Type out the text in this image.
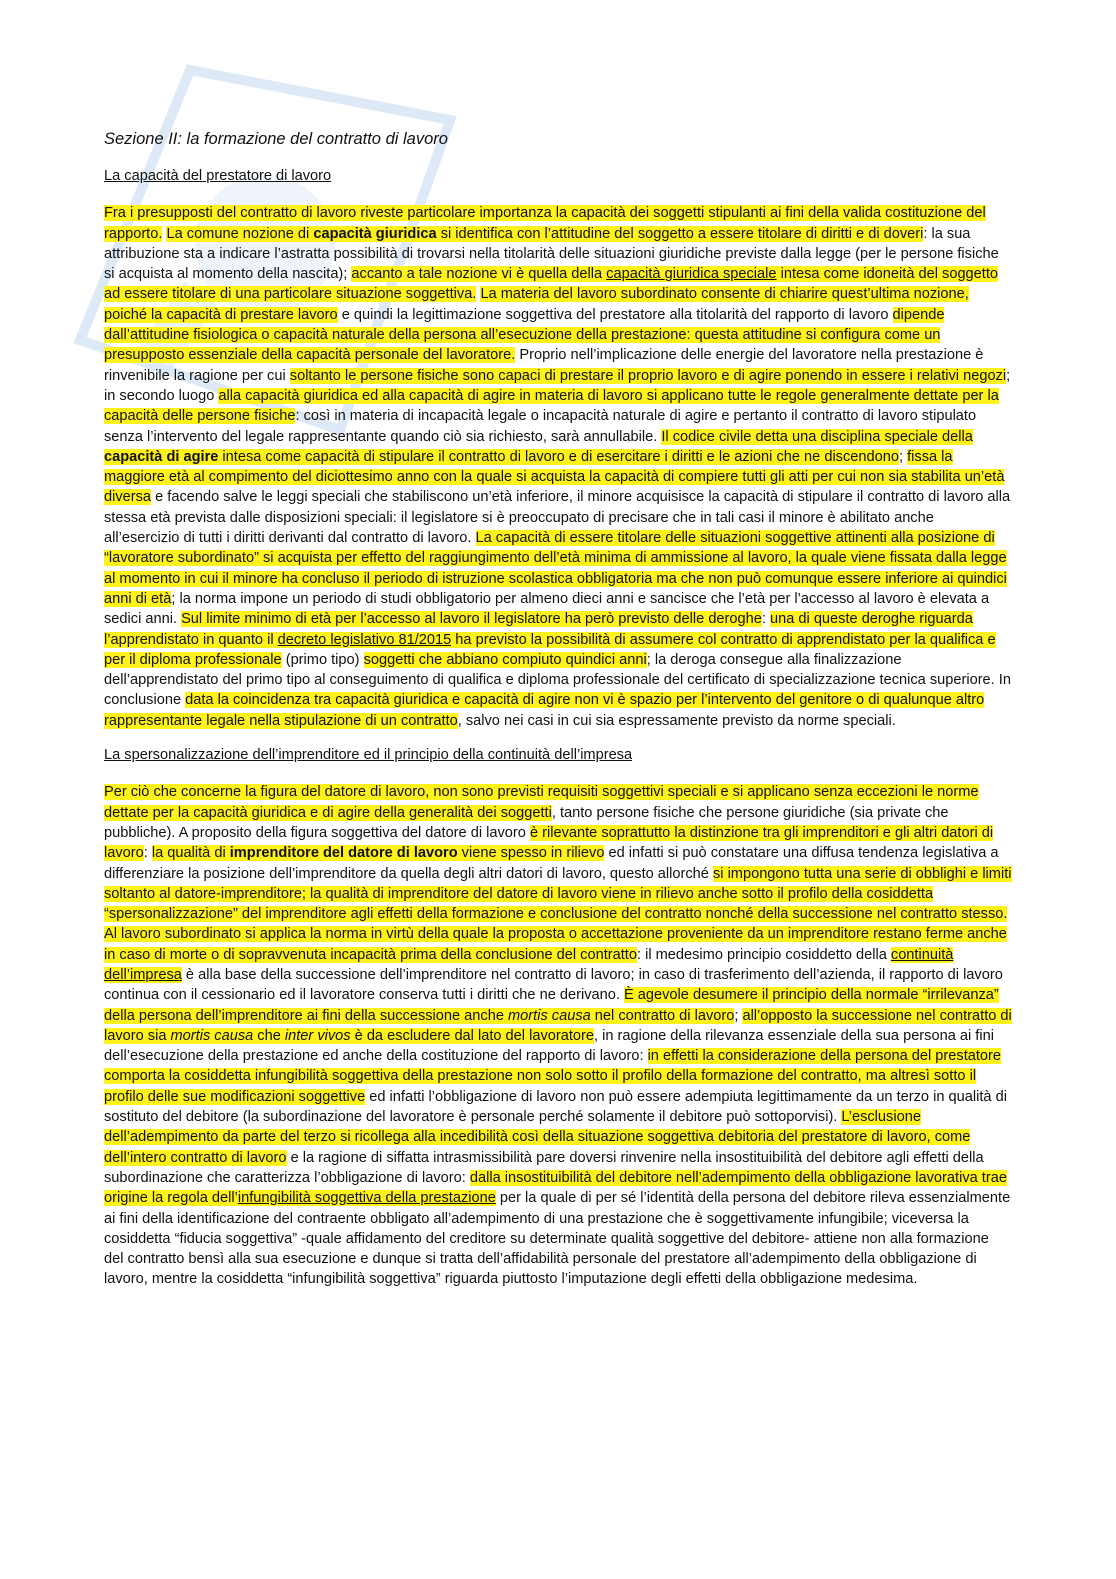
Sezione II: la formazione del contratto di lavoro
La capacità del prestatore di lavoro

Fra i presupposti del contratto di lavoro riveste particolare importanza la capacità dei soggetti stipulanti ai fini della valida costituzione del rapporto. La comune nozione di capacità giuridica si identifica con l’attitudine del soggetto a essere titolare di diritti e di doveri: la sua attribuzione sta a indicare l’astratta possibilità di trovarsi nella titolarità delle situazioni giuridiche previste dalla legge (per le persone fisiche si acquista al momento della nascita); accanto a tale nozione vi è quella della capacità giuridica speciale intesa come idoneità del soggetto ad essere titolare di una particolare situazione soggettiva. La materia del lavoro subordinato consente di chiarire quest’ultima nozione, poiché la capacità di prestare lavoro e quindi la legittimazione soggettiva del prestatore alla titolarità del rapporto di lavoro dipende dall’attitudine fisiologica o capacità naturale della persona all’esecuzione della prestazione: questa attitudine si configura come un presupposto essenziale della capacità personale del lavoratore. Proprio nell’implicazione delle energie del lavoratore nella prestazione è rinvenibile la ragione per cui soltanto le persone fisiche sono capaci di prestare il proprio lavoro e di agire ponendo in essere i relativi negozi; in secondo luogo alla capacità giuridica ed alla capacità di agire in materia di lavoro si applicano tutte le regole generalmente dettate per la capacità delle persone fisiche: così in materia di incapacità legale o incapacità naturale di agire e pertanto il contratto di lavoro stipulato senza l’intervento del legale rappresentante quando ciò sia richiesto, sarà annullabile. Il codice civile detta una disciplina speciale della capacità di agire intesa come capacità di stipulare il contratto di lavoro e di esercitare i diritti e le azioni che ne discendono; fissa la maggiore età al compimento del diciottesimo anno con la quale si acquista la capacità di compiere tutti gli atti per cui non sia stabilita un’età diversa e facendo salve le leggi speciali che stabiliscono un’età inferiore, il minore acquisisce la capacità di stipulare il contratto di lavoro alla stessa età prevista dalle disposizioni speciali: il legislatore si è preoccupato di precisare che in tali casi il minore è abilitato anche all’esercizio di tutti i diritti derivanti dal contratto di lavoro. La capacità di essere titolare delle situazioni soggettive attinenti alla posizione di “lavoratore subordinato” si acquista per effetto del raggiungimento dell’età minima di ammissione al lavoro, la quale viene fissata dalla legge al momento in cui il minore ha concluso il periodo di istruzione scolastica obbligatoria ma che non può comunque essere inferiore ai quindici anni di età; la norma impone un periodo di studi obbligatorio per almeno dieci anni e sancisce che l’età per l’accesso al lavoro è elevata a sedici anni. Sul limite minimo di età per l’accesso al lavoro il legislatore ha però previsto delle deroghe: una di queste deroghe riguarda l’apprendistato in quanto il decreto legislativo 81/2015 ha previsto la possibilità di assumere col contratto di apprendistato per la qualifica e per il diploma professionale (primo tipo) soggetti che abbiano compiuto quindici anni; la deroga consegue alla finalizzazione dell’apprendistato del primo tipo al conseguimento di qualifica e diploma professionale del certificato di specializzazione tecnica superiore. In conclusione data la coincidenza tra capacità giuridica e capacità di agire non vi è spazio per l’intervento del genitore o di qualunque altro rappresentante legale nella stipulazione di un contratto, salvo nei casi in cui sia espressamente previsto da norme speciali.

La spersonalizzazione dell’imprenditore ed il principio della continuità dell’impresa

Per ciò che concerne la figura del datore di lavoro, non sono previsti requisiti soggettivi speciali e si applicano senza eccezioni le norme dettate per la capacità giuridica e di agire della generalità dei soggetti, tanto persone fisiche che persone giuridiche (sia private che pubbliche). A proposito della figura soggettiva del datore di lavoro è rilevante soprattutto la distinzione tra gli imprenditori e gli altri datori di lavoro: la qualità di imprenditore del datore di lavoro viene spesso in rilievo ed infatti si può constatare una diffusa tendenza legislativa a differenziare la posizione dell’imprenditore da quella degli altri datori di lavoro, questo allorché si impongono tutta una serie di obblighi e limiti soltanto al datore-imprenditore; la qualità di imprenditore del datore di lavoro viene in rilievo anche sotto il profilo della cosiddetta “spersonalizzazione” del imprenditore agli effetti della formazione e conclusione del contratto nonché della successione nel contratto stesso. Al lavoro subordinato si applica la norma in virtù della quale la proposta o accettazione proveniente da un imprenditore restano ferme anche in caso di morte o di sopravvenuta incapacità prima della conclusione del contratto: il medesimo principio cosiddetto della continuità dell’impresa è alla base della successione dell’imprenditore nel contratto di lavoro; in caso di trasferimento dell’azienda, il rapporto di lavoro continua con il cessionario ed il lavoratore conserva tutti i diritti che ne derivano. È agevole desumere il principio della normale “irrilevanza” della persona dell’imprenditore ai fini della successione anche mortis causa nel contratto di lavoro; all’opposto la successione nel contratto di lavoro sia mortis causa che inter vivos è da escludere dal lato del lavoratore, in ragione della rilevanza essenziale della sua persona ai fini dell’esecuzione della prestazione ed anche della costituzione del rapporto di lavoro: in effetti la considerazione della persona del prestatore comporta la cosiddetta infungibilità soggettiva della prestazione non solo sotto il profilo della formazione del contratto, ma altresì sotto il profilo delle sue modificazioni soggettive ed infatti l’obbligazione di lavoro non può essere adempiuta legittimamente da un terzo in qualità di sostituto del debitore (la subordinazione del lavoratore è personale perché solamente il debitore può sottoporvisi). L’esclusione dell’adempimento da parte del terzo si ricollega alla incedibilità così della situazione soggettiva debitoria del prestatore di lavoro, come dell’intero contratto di lavoro e la ragione di siffatta intrasmissibilità pare doversi rinvenire nella insostituibilità del debitore agli effetti della subordinazione che caratterizza l’obbligazione di lavoro: dalla insostituibilità del debitore nell’adempimento della obbligazione lavorativa trae origine la regola dell’infungibilità soggettiva della prestazione per la quale di per sé l’identità della persona del debitore rileva essenzialmente ai fini della identificazione del contraente obbligato all’adempimento di una prestazione che è soggettivamente infungibile; viceversa la cosiddetta “fiducia soggettiva” -quale affidamento del creditore su determinate qualità soggettive del debitore- attiene non alla formazione del contratto bensì alla sua esecuzione e dunque si tratta dell’affidabilità personale del prestatore all’adempimento della obbligazione di lavoro, mentre la cosiddetta “infungibilità soggettiva” riguarda piuttosto l’imputazione degli effetti della obbligazione medesima.
